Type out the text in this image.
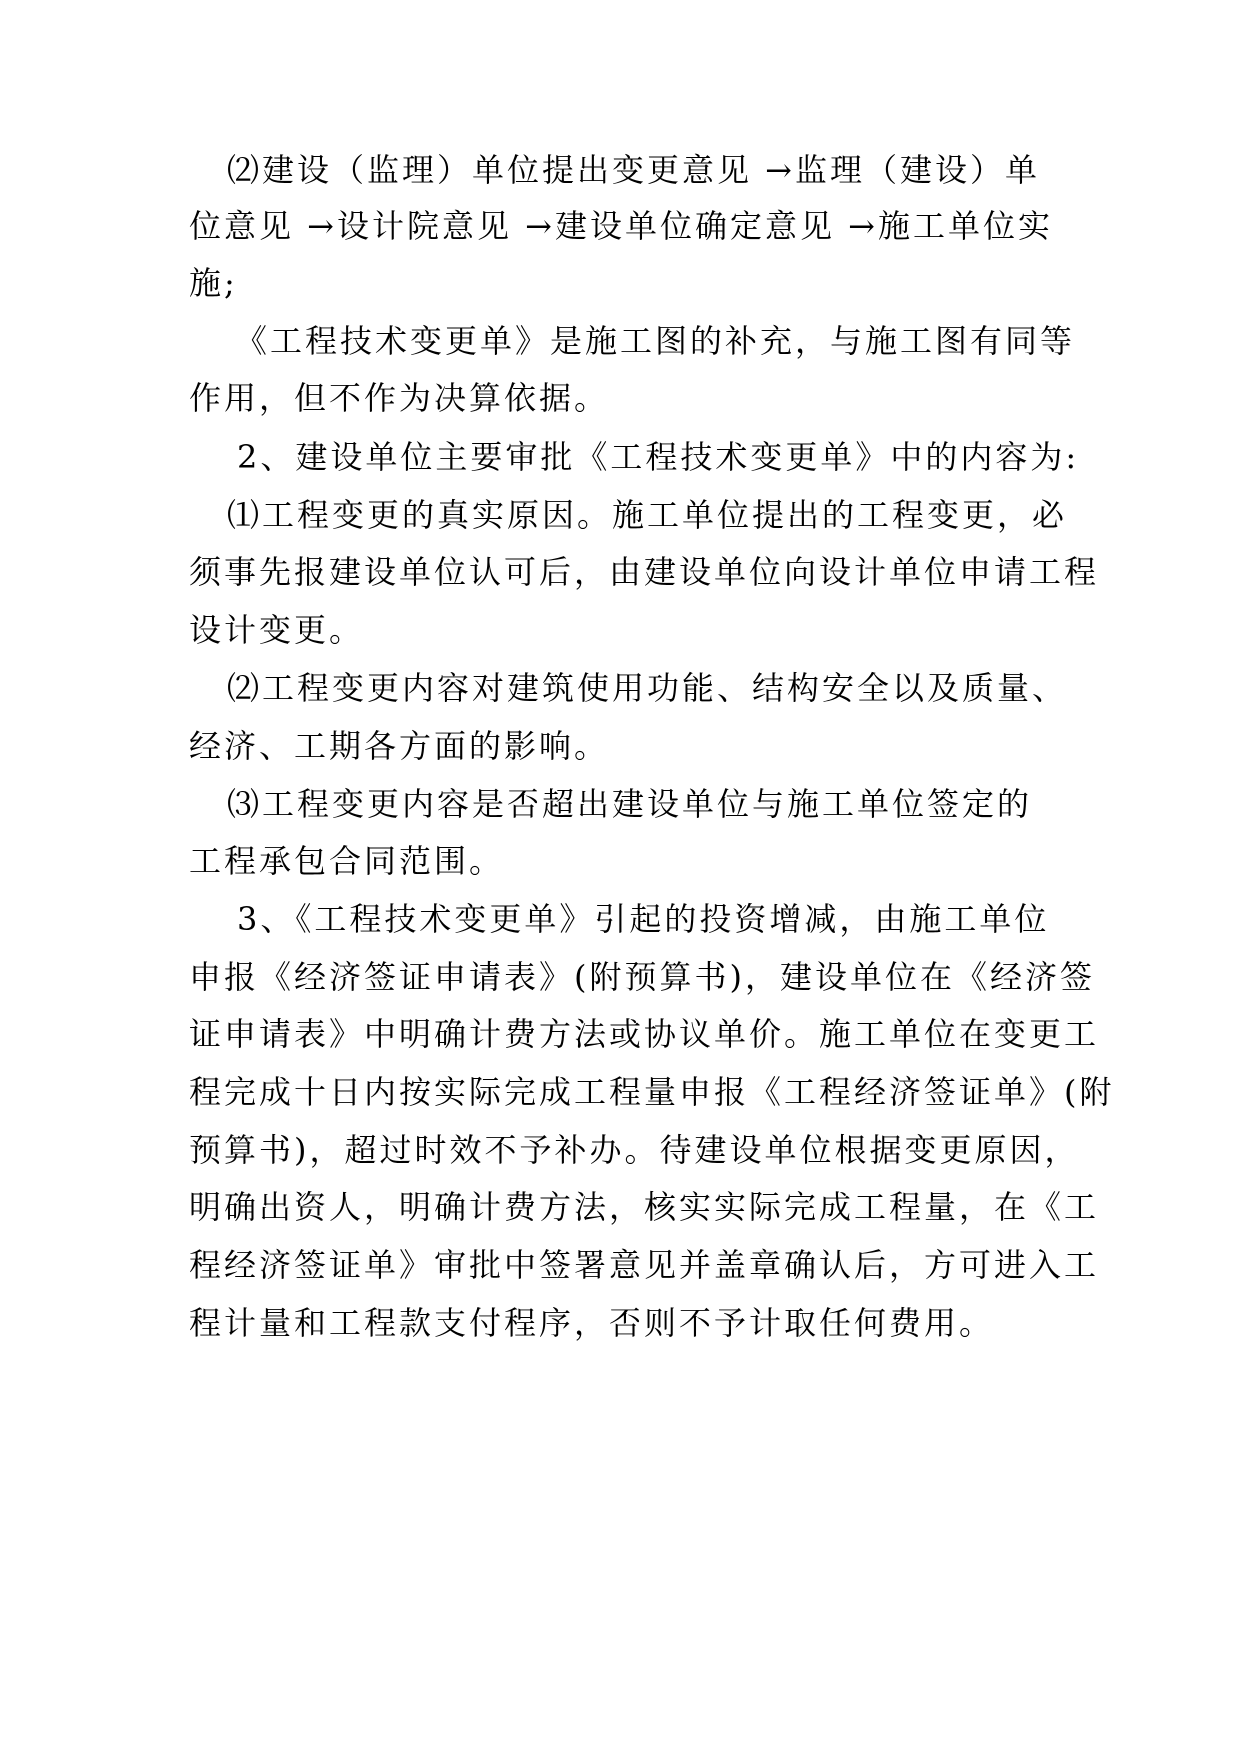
⑵建设（监理）单位提出变更意见 →监理（建设）单
位意见 →设计院意见 →建设单位确定意见 →施工单位实
施;
《工程技术变更单》是施工图的补充，与施工图有同等
作用，但不作为决算依据。
2、建设单位主要审批《工程技术变更单》中的内容为:
⑴工程变更的真实原因。施工单位提出的工程变更，必
须事先报建设单位认可后，由建设单位向设计单位申请工程
设计变更。
⑵工程变更内容对建筑使用功能、结构安全以及质量、
经济、工期各方面的影响。
⑶工程变更内容是否超出建设单位与施工单位签定的
工程承包合同范围。
3、《工程技术变更单》引起的投资增减，由施工单位
申报《经济签证申请表》(附预算书)，建设单位在《经济签
证申请表》中明确计费方法或协议单价。施工单位在变更工
程完成十日内按实际完成工程量申报《工程经济签证单》(附
预算书)，超过时效不予补办。待建设单位根据变更原因，
明确出资人，明确计费方法，核实实际完成工程量，在《工
程经济签证单》审批中签署意见并盖章确认后，方可进入工
程计量和工程款支付程序，否则不予计取任何费用。
